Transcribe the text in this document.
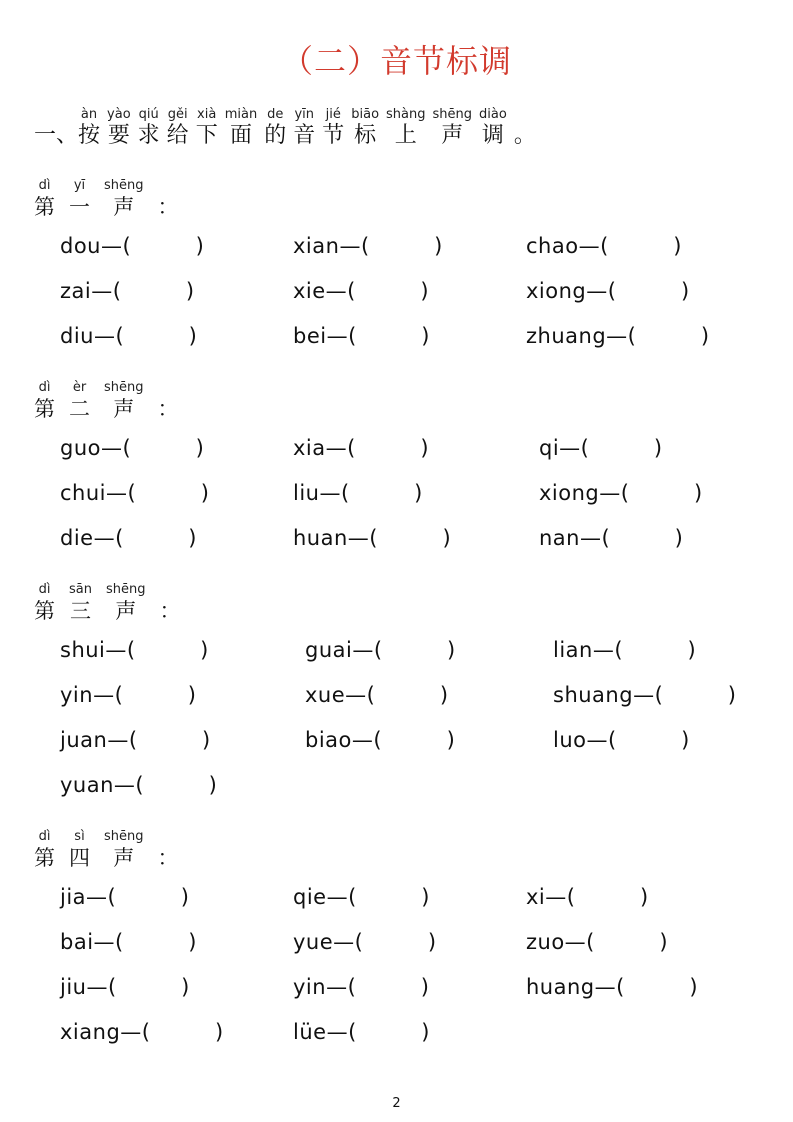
（二）音节标调
一、
àn
按
yào
要
qiú
求
gěi
给
xià
下
miàn
面
de
的
yīn
音
jié
节
biāo
标
shàng
上
shēng
声
diào
调 。
dì
第
yī
一
shēng
声 ：
dou—(　　　)	xian—(　　　)	chao—(　　　)
zai—(　　　)	xie—(　　　)	xiong—(　　　)
diu—(　　　)	bei—(　　　)	zhuang—(　　　)
dì
第
èr
二
shēng
声 ：
guo—(　　　)	xia—(　　　)	qi—(　　　)
chui—(　　　)	liu—(　　　)	xiong—(　　　)
die—(　　　)	huan—(　　　)	nan—(　　　)
dì
第
sān
三
shēng
声 ：
shui—(　　　)	guai—(　　　)	lian—(　　　)
yin—(　　　)	xue—(　　　)	shuang—(　　　)
juan—(　　　)	biao—(　　　)	luo—(　　　)
yuan—(　　　)
dì
第
sì
四
shēng
声 ：
jia—(　　　)	qie—(　　　)	xi—(　　　)
bai—(　　　)	yue—(　　　)	zuo—(　　　)
jiu—(　　　)	yin—(　　　)	huang—(　　　)
xiang—(　　　)	lüe—(　　　)
2
